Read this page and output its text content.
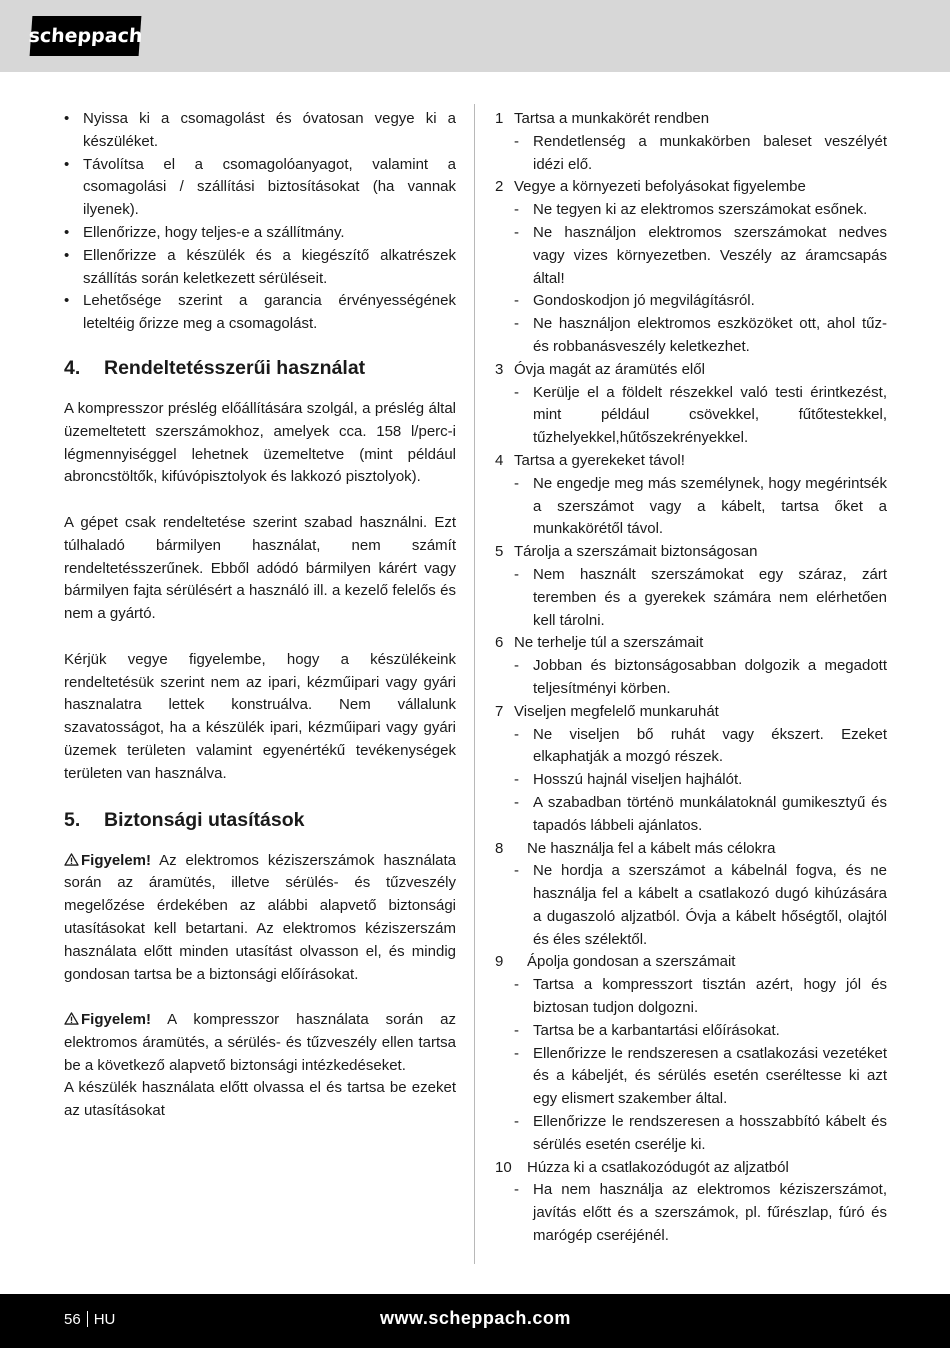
scheppach
• Nyissa ki a csomagolást és óvatosan vegye ki a készüléket.
• Távolítsa el a csomagolóanyagot, valamint a csomagolási / szállítási biztosításokat (ha vannak ilyenek).
• Ellenőrizze, hogy teljes-e a szállítmány.
• Ellenőrizze a készülék és a kiegészítő alkatrészek szállítás során keletkezett sérüléseit.
• Lehetősége szerint a garancia érvényességének leteltéig őrizze meg a csomagolást.
4.	Rendeltetésszerűi használat

A kompresszor préslég előállítására szolgál, a préslég által üzemeltetett szerszámokhoz, amelyek cca. 158 l/perc-i légmennyiséggel lehetnek üzemeltetve (mint például abroncstöltők, kifúvópisztolyok és lakkozó pisztolyok).

A gépet csak rendeltetése szerint szabad használni. Ezt túlhaladó bármilyen használat, nem számít rendeltetésszerűnek. Ebből adódó bármilyen kárért vagy bármilyen fajta sérülésért a használó ill. a kezelő felelős és nem a gyártó.

Kérjük vegye figyelembe, hogy a készülékeink rendeltetésük szerint nem az ipari, kézműipari vagy gyári hasznalatra lettek konstruálva. Nem vállalunk szavatosságot, ha a készülék ipari, kézműipari vagy gyári üzemek területen valamint egyenértékű tevékenységek területen van használva.

5.	Biztonsági utasítások

Figyelem! Az elektromos kéziszerszámok használata során az áramütés, illetve sérülés- és tűzveszély megelőzése érdekében az alábbi alapvető biztonsági utasításokat kell betartani. Az elektromos kéziszerszám használata előtt minden utasítást olvasson el, és mindig gondosan tartsa be a biztonsági előírásokat.

Figyelem! A kompresszor használata során az elektromos áramütés, a sérülés- és tűzveszély ellen tartsa be a következő alapvető biztonsági intézkedéseket.

A készülék használata előtt olvassa el és tartsa be ezeket az utasításokat

1 Tartsa a munkakörét rendben
- Rendetlenség a munkakörben baleset veszélyét idézi elő.
2 Vegye a környezeti befolyásokat figyelembe
- Ne tegyen ki az elektromos szerszámokat esőnek.
- Ne használjon elektromos szerszámokat nedves vagy vizes környezetben. Veszély az áramcsapás által!
- Gondoskodjon jó megvilágításról.
- Ne használjon elektromos eszközöket ott, ahol tűz- és robbanásveszély keletkezhet.
3 Óvja magát az áramütés elől
- Kerülje el a földelt részekkel való testi érintkezést, mint például csövekkel, fűtőtestekkel, tűzhelyekkel,hűtőszekrényekkel.
4 Tartsa a gyerekeket távol!
- Ne engedje meg más személynek, hogy megérintsék a szerszámot vagy a kábelt, tartsa őket a munkakörétől távol.
5 Tárolja a szerszámait biztonságosan
- Nem használt szerszámokat egy száraz, zárt teremben és a gyerekek számára nem elérhetően kell tárolni.
6 Ne terhelje túl a szerszámait
- Jobban és biztonságosabban dolgozik a megadott teljesítményi körben.
7 Viseljen megfelelő munkaruhát
- Ne viseljen bő ruhát vagy ékszert. Ezeket elkaphatják a mozgó részek.
- Hosszú hajnál viseljen hajhálót.
- A szabadban történö munkálatoknál gumikesztyű és tapadós lábbeli ajánlatos.
8 Ne használja fel a kábelt más célokra
- Ne hordja a szerszámot a kábelnál fogva, és ne használja fel a kábelt a csatlakozó dugó kihúzására a dugaszoló aljzatból. Óvja a kábelt hőségtől, olajtól és éles szélektől.
9 Ápolja gondosan a szerszámait
- Tartsa a kompresszort tisztán azért, hogy jól és biztosan tudjon dolgozni.
- Tartsa be a karbantartási előírásokat.
- Ellenőrizze le rendszeresen a csatlakozási vezetéket és a kábeljét, és sérülés esetén cseréltesse ki azt egy elismert szakember által.
- Ellenőrizze le rendszeresen a hosszabbító kábelt és sérülés esetén cserélje ki.
10 Húzza ki a csatlakozódugót az aljzatból
- Ha nem használja az elektromos kéziszerszámot, javítás előtt és a szerszámok, pl. fűrészlap, fúró és marógép cseréjénél.
56 HU	www.scheppach.com
